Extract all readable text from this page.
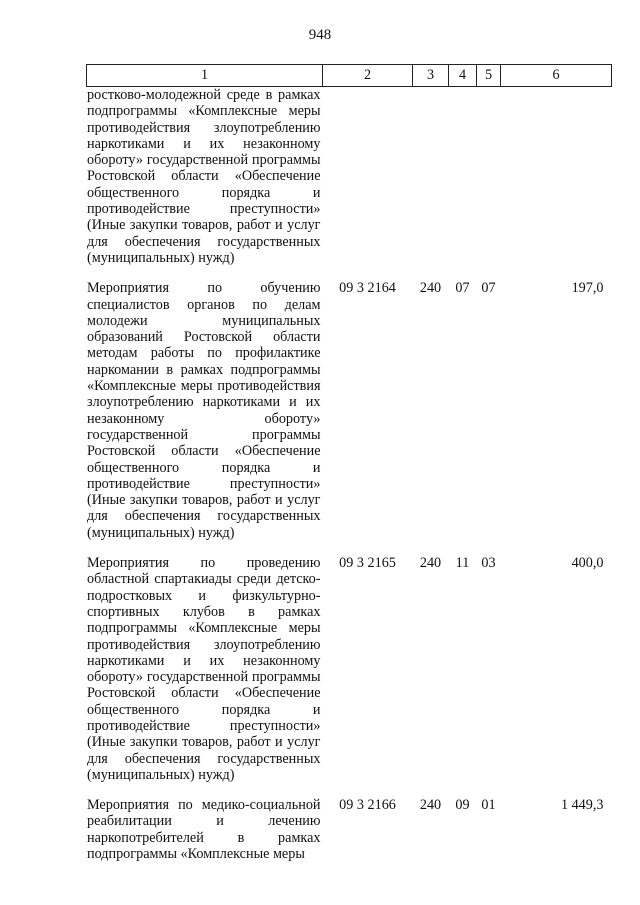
948
1	2	3	4	5	6
ростково-молодежной среде в рамках подпрограммы «Комплексные меры противодействия злоупотреблению наркотиками и их незаконному обороту» государственной программы Ростовской области «Обеспечение общественного порядка и противодействие преступности» (Иные закупки товаров, работ и услуг для обеспечения государственных (муниципальных) нужд)					
Мероприятия по обучению специалистов органов по делам молодежи муниципальных образований Ростовской области методам работы по профилактике наркомании в рамках подпрограммы «Комплексные меры противодействия злоупотреблению наркотиками и их незаконному обороту» государственной программы Ростовской области «Обеспечение общественного порядка и противодействие преступности» (Иные закупки товаров, работ и услуг для обеспечения государственных (муниципальных) нужд)	09 3 2164	240	07	07	197,0
Мероприятия по проведению областной спартакиады среди детско-подростковых и физкультурно-спортивных клубов в рамках подпрограммы «Комплексные меры противодействия злоупотреблению наркотиками и их незаконному обороту» государственной программы Ростовской области «Обеспечение общественного порядка и противодействие преступности» (Иные закупки товаров, работ и услуг для обеспечения государственных (муниципальных) нужд)	09 3 2165	240	11	03	400,0
Мероприятия по медико-социальной реабилитации и лечению наркопотребителей в рамках подпрограммы «Комплексные меры	09 3 2166	240	09	01	1 449,3
